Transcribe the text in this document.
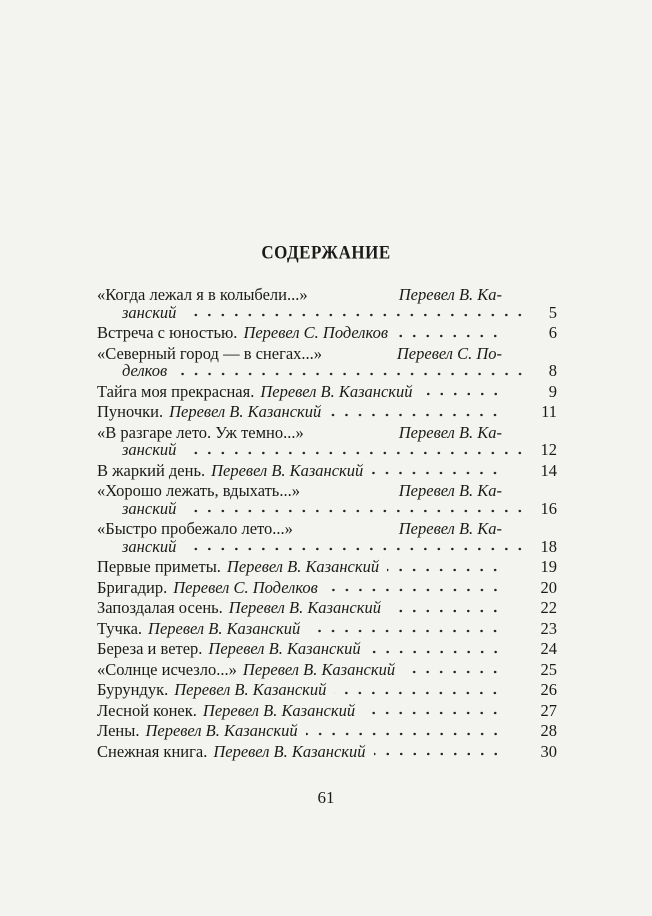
СОДЕРЖАНИЕ
«Когда лежал я в колыбели...»	Перевел В. Ка-
занский	5
Встреча с юностью. Перевел С. Поделков	6
«Северный город — в снегах...»	Перевел С. По-
делков	8
Тайга моя прекрасная. Перевел В. Казанский	9
Пуночки. Перевел В. Казанский	11
«В разгаре лето. Уж темно...»	Перевел В. Ка-
занский	12
В жаркий день. Перевел В. Казанский	14
«Хорошо лежать, вдыхать...»	Перевел В. Ка-
занский	16
«Быстро пробежало лето...»	Перевел В. Ка-
занский	18
Первые приметы. Перевел В. Казанский	19
Бригадир. Перевел С. Поделков	20
Запоздалая осень. Перевел В. Казанский	22
Тучка. Перевел В. Казанский	23
Береза и ветер. Перевел В. Казанский	24
«Солнце исчезло...» Перевел В. Казанский	25
Бурундук. Перевел В. Казанский	26
Лесной конек. Перевел В. Казанский	27
Лены. Перевел В. Казанский	28
Снежная книга. Перевел В. Казанский	30
61
